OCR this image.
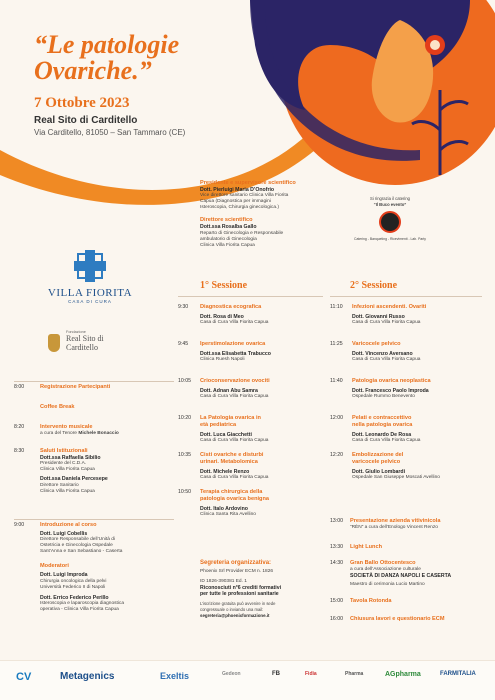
“Le patologie
Ovariche.”
7 Ottobre 2023
Real Sito di Carditello
Via Carditello, 81050 – San Tammaro (CE)
Presidente e supervisore scientifico
Dott. Pierluigi Maria D’Onofrio
Vice direttore sanitario Clinica Villa Fiorita
Capua (Diagnostica per immagini
Isteroscopia, Chirurgia ginecologica.)
Direttore scientifico
Dott.ssa Rosalba Gallo
Reparto di Ginecologia e Responsabile
ambulatorio di Ginecologia
Clinica Villa Fiorita Capua
Si ringrazia il catering
“Il Buco evento”
Catering - Banqueting - Ricevimenti - Lab. Party
VILLA FIORITA
CASA DI CURA
Fondazione
Real Sito di
Carditello
8:00	Registrazione Partecipanti
Coffee Break
8:20	Intervento musicale
a cura del Tenore Michele Bonaccio
8:30	Saluti Istituzionali
Dott.ssa Raffaella Sibilio
Presidente del C.D.A.
Clinica Villa Fiorita Capua
Dott.ssa Daniela Percesepe
Direttore Sanitario
Clinica Villa Fiorita Capua
9:00	Introduzione al corso
Dott. Luigi Cobellis
Direttore Responsabile dell’Unità di
Ostetricia e Ginecologia Ospedale
Sant’Anna e San Sebastiano - Caserta
Moderatori
Dott. Luigi Improda
Chirurgia oncologica della pelvi
Università Federico II di Napoli
Dott. Errico Federico Perillo
Isteroscopia e laparoscopia diagnostica
operativa - Clinica Villa Fiorita Capua
1° Sessione
9:30	Diagnostica ecografica
Dott. Rosa di Meo
Casa di Cura Villa Fiorita Capua
9:45	Iperstimolazione ovarica
Dott.ssa Elisabetta Trabucco
Clinica Ruesh Napoli
10:05	Crioconservazione ovociti
Dott. Adnan Abu Samra
Casa di Cura Villa Fiorita Capua
10:20	La Patologia ovarica in
età pediatrica
Dott. Luca Giacchetti
Casa di Cura Villa Fiorita Capua
10:35	Cisti ovariche e disturbi
urinari. Metabolomica
Dott. Michele Renzo
Casa di Cura Villa Fiorita Capua
10:50	Terapia chirurgica della
patologia ovarica benigna
Dott. Italo Ardovino
Clinica Santa Rita Avellino
Segreteria organizzativa:
Phoenix Srl Provider ECM n. 1826
ID 1826-390381 Ed. 1
Riconosciuti n°6 crediti formativi
per tutte le professioni sanitarie
L’iscrizione gratuita può avvenire in sede
congressuale o inviando una mail:
segreteria@phoenixformazione.it
2° Sessione
11:10	Infezioni ascendenti. Ovariti
Dott. Giovanni Russo
Casa di Cura Villa Fiorita Capua
11:25	Varicocele pelvico
Dott. Vincenzo Aversano
Casa di Cura Villa Fiorita Capua
11:40	Patologia ovarica neoplastica
Dott. Francesco Paolo Improda
Ospedale Rummo Benevento
12:00	Pelati e contraccettivo
nella patologia ovarica
Dott. Leonardo De Rosa
Casa di Cura Villa Fiorita Capua
12:20	Embolizzazione del
varicocele pelvico
Dott. Giulio Lombardi
Ospedale San Giuseppe Moscati Avellino
13:00	Presentazione azienda vitivinicola
“RÈN” a cura dell’Enologo Vincent Renzo
13:30	Light Lunch
14:30	Gran Ballo Ottocentesco
a cura dell’Associazione culturale
SOCIETÀ DI DANZA NAPOLI E CASERTA
Maestro di cerimonia Lucio Martino
15:00	Tavola Rotonda
16:00	Chiusura lavori e questionario ECM
CV	Metagenics	Exeltis	Gedeon	FB	Fidia	Pharma	AGpharma	FARMITALIA
